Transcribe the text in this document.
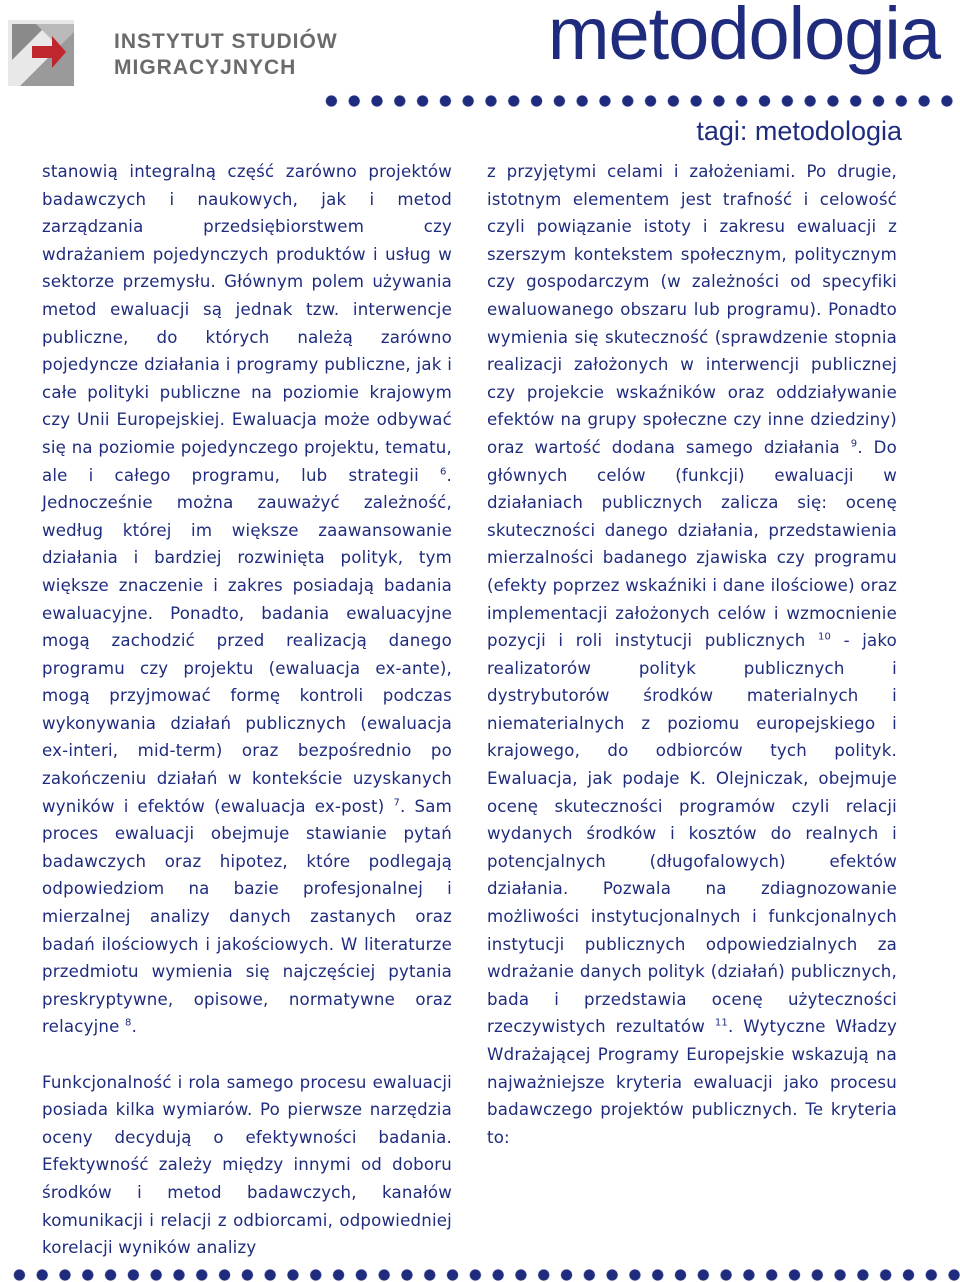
INSTYTUT STUDIÓW
MIGRACYJNYCH	metodologia
tagi: metodologia

stanowią integralną część zarówno projektów badawczych i naukowych, jak i metod zarządzania przedsiębiorstwem czy wdrażaniem pojedynczych produktów i usług w sektorze przemysłu. Głównym polem używania metod ewaluacji są jednak tzw. interwencje publiczne, do których należą zarówno pojedyncze działania i programy publiczne, jak i całe polityki publiczne na poziomie krajowym czy Unii Europejskiej. Ewaluacja może odbywać się na poziomie pojedynczego projektu, tematu, ale i całego programu, lub strategii $^6$. Jednocześnie można zauważyć zależność, według której im większe zaawansowanie działania i bardziej rozwinięta polityk, tym większe znaczenie i zakres posiadają badania ewaluacyjne. Ponadto, badania ewaluacyjne mogą zachodzić przed realizacją danego programu czy projektu (ewaluacja ex-ante), mogą przyjmować formę kontroli podczas wykonywania działań publicznych (ewaluacja ex-interi, mid-term) oraz bezpośrednio po zakończeniu działań w kontekście uzyskanych wyników i efektów (ewaluacja ex-post) $^7$. Sam proces ewaluacji obejmuje stawianie pytań badawczych oraz hipotez, które podlegają odpowiedziom na bazie profesjonalnej i mierzalnej analizy danych zastanych oraz badań ilościowych i jakościowych. W literaturze przedmiotu wymienia się najczęściej pytania preskryptywne, opisowe, normatywne oraz relacyjne $^8$.

Funkcjonalność i rola samego procesu ewaluacji posiada kilka wymiarów. Po pierwsze narzędzia oceny decydują o efektywności badania. Efektywność zależy między innymi od doboru środków i metod badawczych, kanałów komunikacji i relacji z odbiorcami, odpowiedniej korelacji wyników analizy

z przyjętymi celami i założeniami. Po drugie, istotnym elementem jest trafność i celowość czyli powiązanie istoty i zakresu ewaluacji z szerszym kontekstem społecznym, politycznym czy gospodarczym (w zależności od specyfiki ewaluowanego obszaru lub programu). Ponadto wymienia się skuteczność (sprawdzenie stopnia realizacji założonych w interwencji publicznej czy projekcie wskaźników oraz oddziaływanie efektów na grupy społeczne czy inne dziedziny) oraz wartość dodana samego działania $^9$. Do głównych celów (funkcji) ewaluacji w działaniach publicznych zalicza się: ocenę skuteczności danego działania, przedstawienia mierzalności badanego zjawiska czy programu (efekty poprzez wskaźniki i dane ilościowe) oraz implementacji założonych celów i wzmocnienie pozycji i roli instytucji publicznych $^{10}$ - jako realizatorów polityk publicznych i dystrybutorów środków materialnych i niematerialnych z poziomu europejskiego i krajowego, do odbiorców tych polityk. Ewaluacja, jak podaje K. Olejniczak, obejmuje ocenę skuteczności programów czyli relacji wydanych środków i kosztów do realnych i potencjalnych (długofalowych) efektów działania. Pozwala na zdiagnozowanie możliwości instytucjonalnych i funkcjonalnych instytucji publicznych odpowiedzialnych za wdrażanie danych polityk (działań) publicznych, bada i przedstawia ocenę użyteczności rzeczywistych rezultatów $^{11}$. Wytyczne Władzy Wdrażającej Programy Europejskie wskazują na najważniejsze kryteria ewaluacji jako procesu badawczego projektów publicznych. Te kryteria to:
